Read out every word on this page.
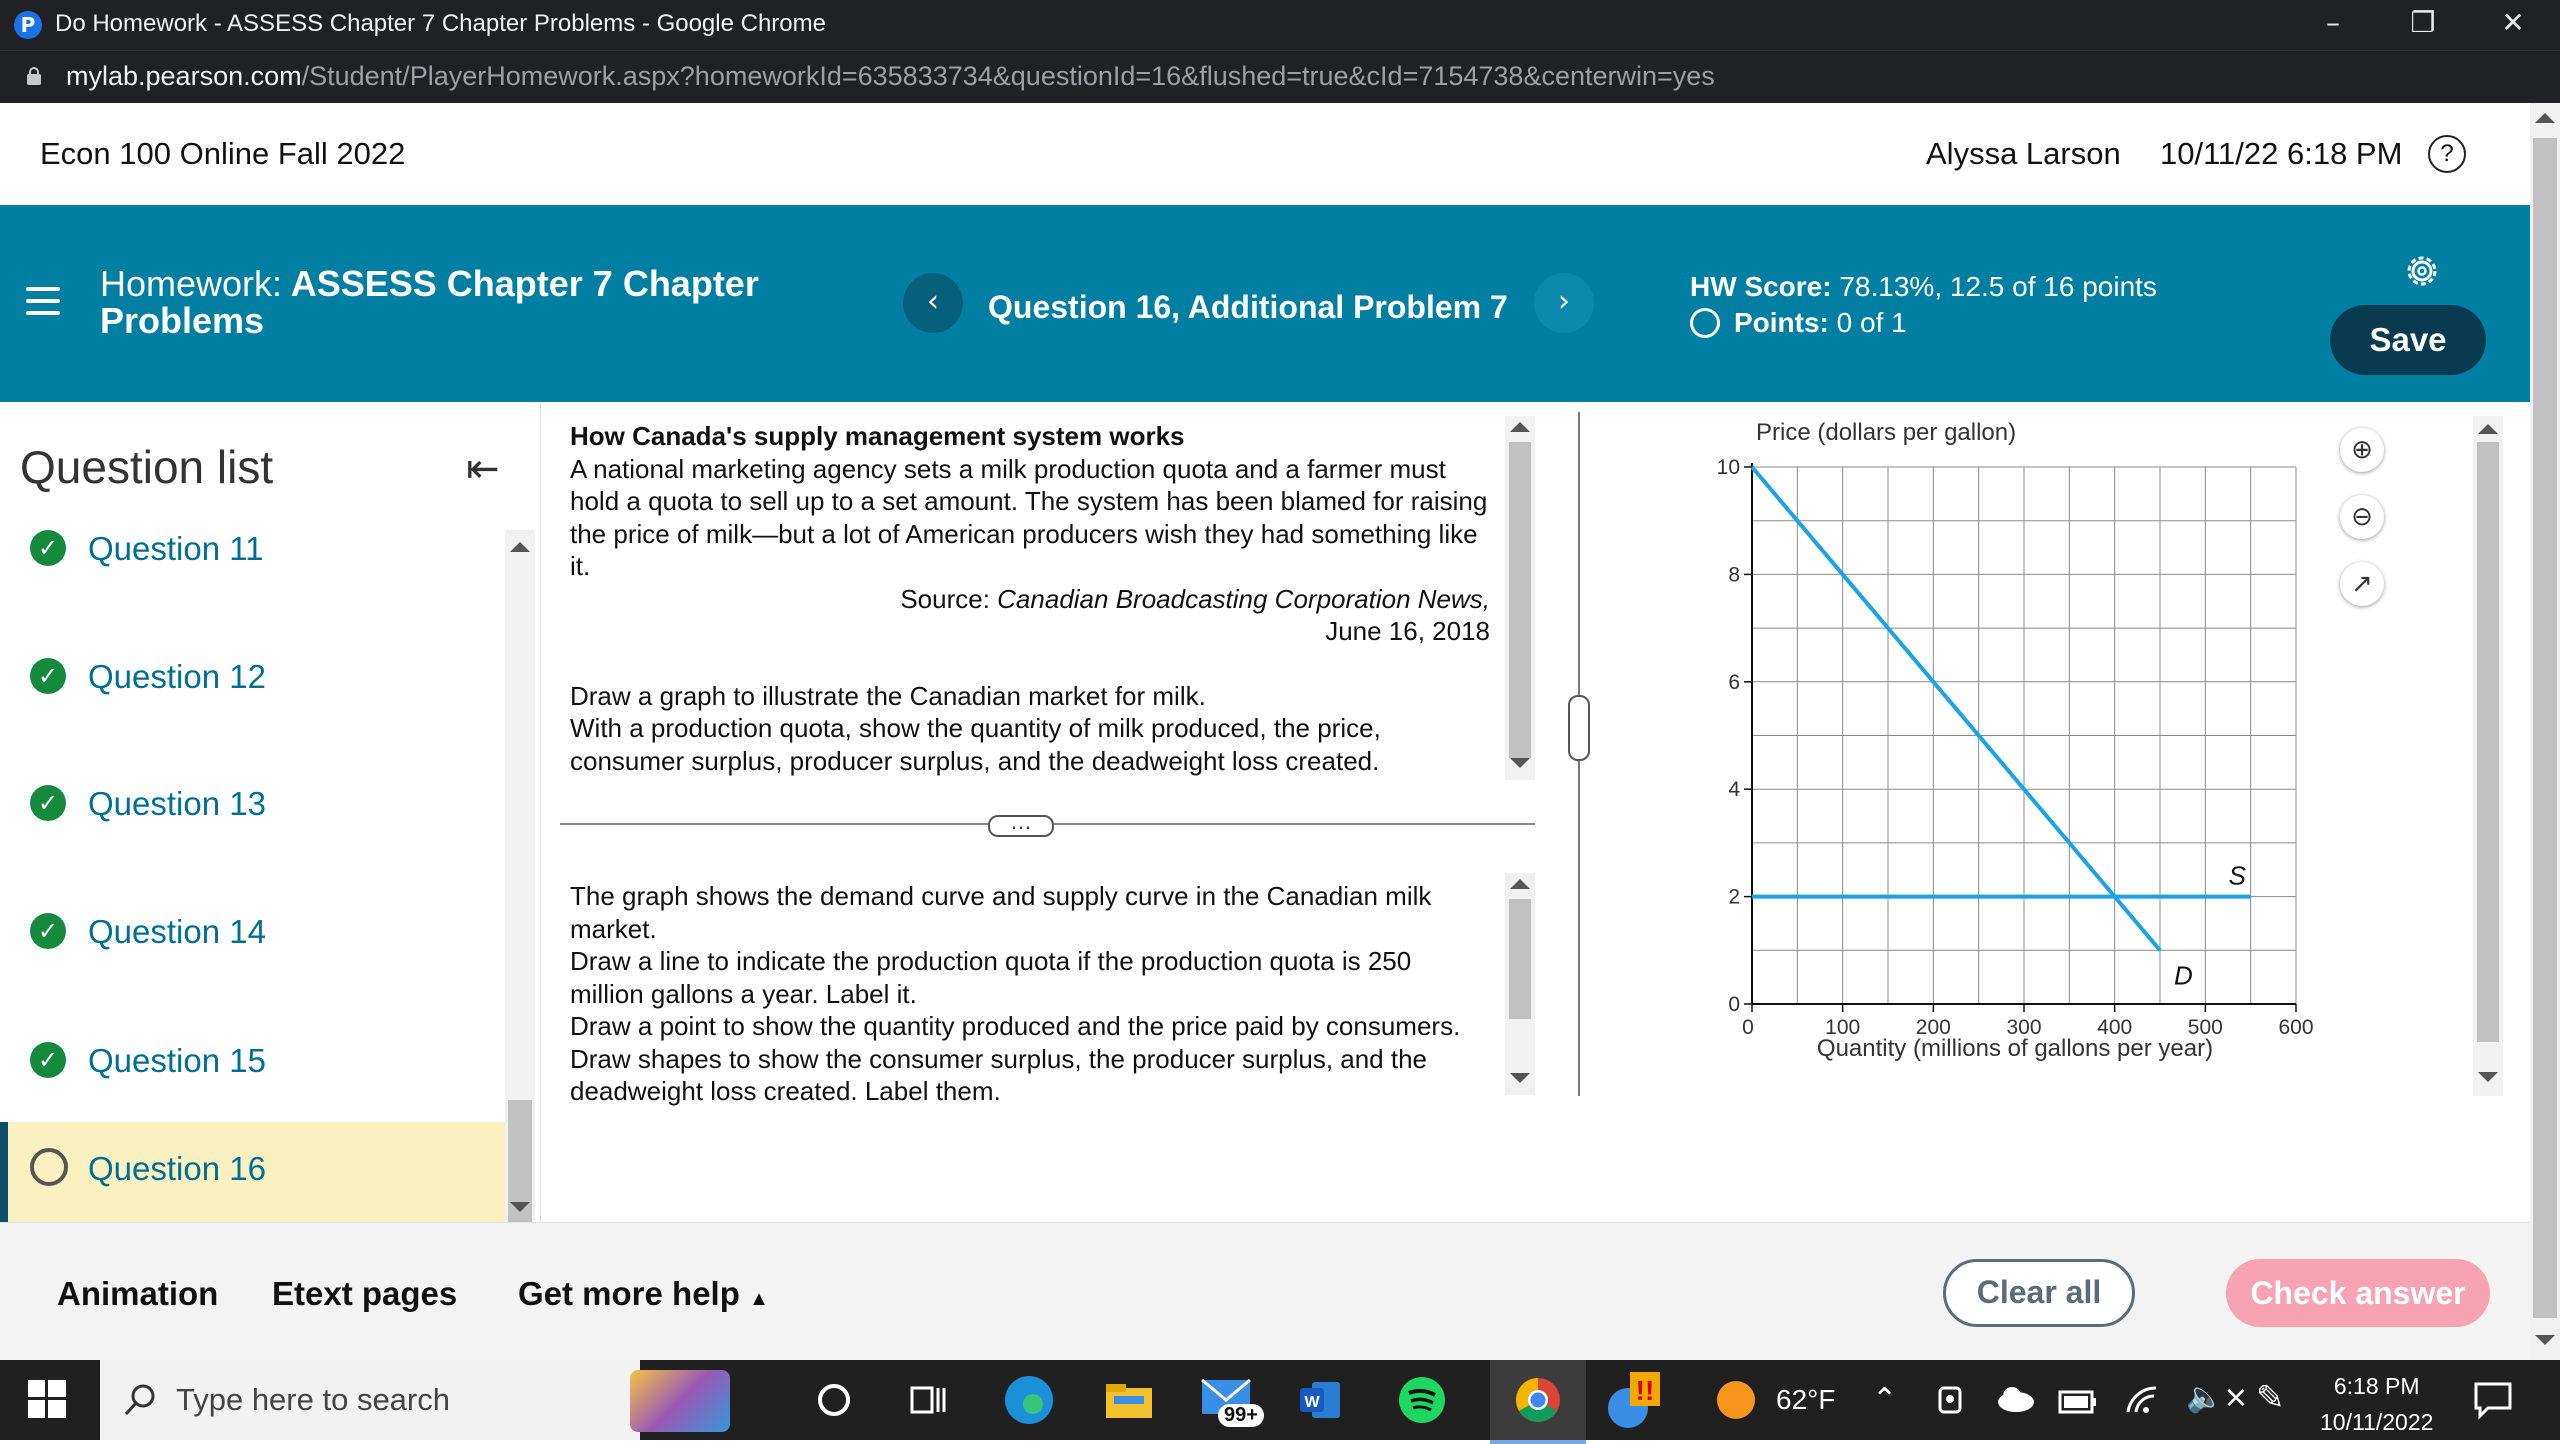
P Do Homework - ASSESS Chapter 7 Chapter Problems - Google Chrome	–	❐	✕
mylab.pearson.com/Student/PlayerHomework.aspx?homeworkId=635833734&questionId=16&flushed=true&cId=7154738&centerwin=yes
Econ 100 Online Fall 2022	Alyssa Larson 10/11/22 6:18 PM	?
Homework: ASSESS Chapter 7 Chapter Problems	‹	Question 16, Additional Problem 7	›	HW Score: 78.13%, 12.5 of 16 points
Points: 0 of 1	Save
Question list	⇤
✓ Question 11
✓ Question 12
✓ Question 13
✓ Question 14
✓ Question 15
Question 16
How Canada's supply management system works
A national marketing agency sets a milk production quota and a farmer must hold a quota to sell up to a set amount. The system has been blamed for raising the price of milk—but a lot of American producers wish they had something like it.
Source: Canadian Broadcasting Corporation News,
June 16, 2018
Draw a graph to illustrate the Canadian market for milk.
With a production quota, show the quantity of milk produced, the price, consumer surplus, producer surplus, and the deadweight loss created.
…
The graph shows the demand curve and supply curve in the Canadian milk market.
Draw a line to indicate the production quota if the production quota is 250 million gallons a year. Label it.
Draw a point to show the quantity produced and the price paid by consumers.
Draw shapes to show the consumer surplus, the producer surplus, and the deadweight loss created. Label them.
0	100	200	300	400	500	600
0
2
4
6
8
10
D
S
Price (dollars per gallon)
Quantity (millions of gallons per year)
⊕
⊖
↗
Animation Etext pages Get more help ▲	Clear all	Check answer
Type here to search	99+
W	!!	62°F ⌃	🔈× ✎	6:18 PM
10/11/2022
